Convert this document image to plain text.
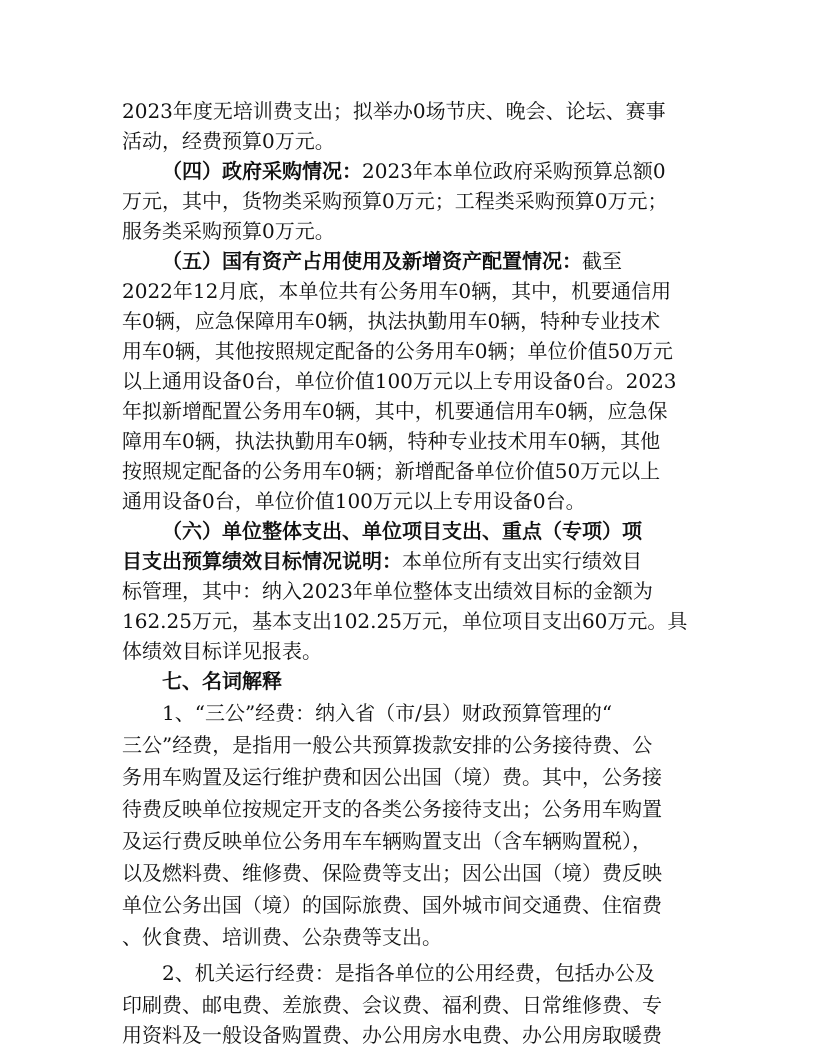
2023年度无培训费支出；拟举办0场节庆、晚会、论坛、赛事
活动，经费预算0万元。
（四）政府采购情况：2023年本单位政府采购预算总额0
万元，其中，货物类采购预算0万元；工程类采购预算0万元；
服务类采购预算0万元。
（五）国有资产占用使用及新增资产配置情况：截至
2022年12月底，本单位共有公务用车0辆，其中，机要通信用
车0辆，应急保障用车0辆，执法执勤用车0辆，特种专业技术
用车0辆，其他按照规定配备的公务用车0辆；单位价值50万元
以上通用设备0台，单位价值100万元以上专用设备0台。2023
年拟新增配置公务用车0辆，其中，机要通信用车0辆，应急保
障用车0辆，执法执勤用车0辆，特种专业技术用车0辆，其他
按照规定配备的公务用车0辆；新增配备单位价值50万元以上
通用设备0台，单位价值100万元以上专用设备0台。
（六）单位整体支出、单位项目支出、重点（专项）项
目支出预算绩效目标情况说明：本单位所有支出实行绩效目
标管理，其中：纳入2023年单位整体支出绩效目标的金额为
162.25万元，基本支出102.25万元，单位项目支出60万元。具
体绩效目标详见报表。
七、名词解释
1、“三公”经费：纳入省（市/县）财政预算管理的“
三公”经费，是指用一般公共预算拨款安排的公务接待费、公
务用车购置及运行维护费和因公出国（境）费。其中，公务接
待费反映单位按规定开支的各类公务接待支出；公务用车购置
及运行费反映单位公务用车车辆购置支出（含车辆购置税），
以及燃料费、维修费、保险费等支出；因公出国（境）费反映
单位公务出国（境）的国际旅费、国外城市间交通费、住宿费
、伙食费、培训费、公杂费等支出。
2、机关运行经费：是指各单位的公用经费，包括办公及
印刷费、邮电费、差旅费、会议费、福利费、日常维修费、专
用资料及一般设备购置费、办公用房水电费、办公用房取暖费
